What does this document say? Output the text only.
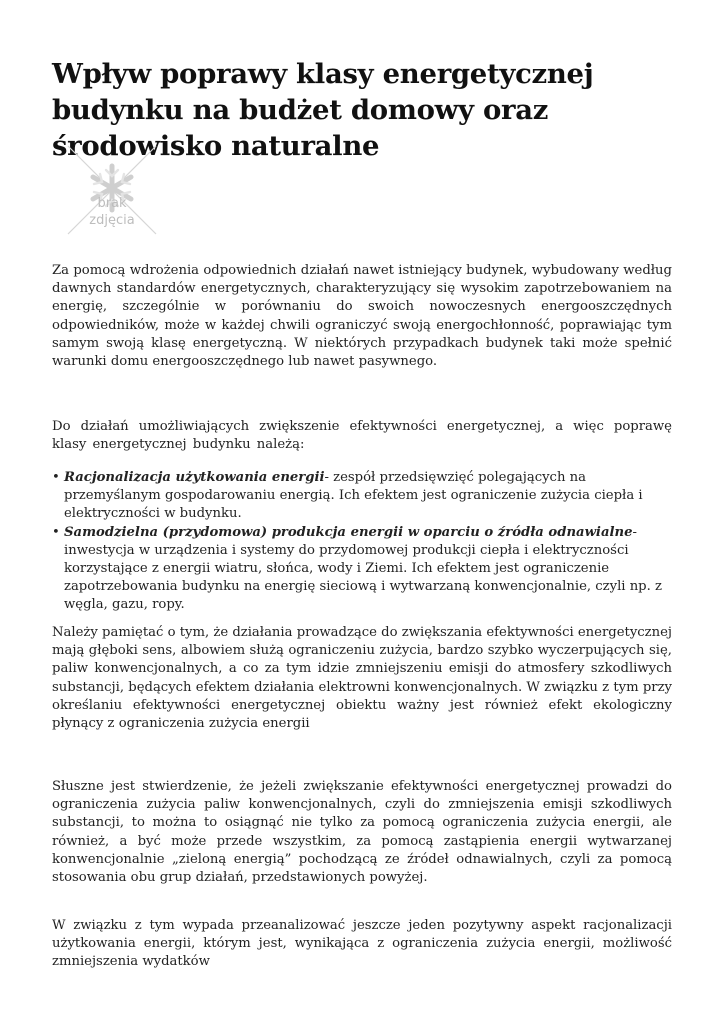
Wpływ poprawy klasy energetycznej budynku na budżet domowy oraz środowisko naturalne
brak
zdjęcia

Za pomocą wdrożenia odpowiednich działań nawet istniejący budynek, wybudowany według dawnych standardów energetycznych, charakteryzujący się wysokim zapotrzebowaniem na energię, szczególnie w porównaniu do swoich nowoczesnych energooszczędnych odpowiedników, może w każdej chwili ograniczyć swoją energochłonność, poprawiając tym samym swoją klasę energetyczną. W niektórych przypadkach budynek taki może spełnić warunki domu energooszczędnego lub nawet pasywnego.

Do działań umożliwiających zwiększenie efektywności energetycznej, a więc poprawę klasy energetycznej budynku należą:

• Racjonalizacja użytkowania energii- zespół przedsięwzięć polegających na przemyślanym gospodarowaniu energią. Ich efektem jest ograniczenie zużycia ciepła i elektryczności w budynku.
• Samodzielna (przydomowa) produkcja energii w oparciu o źródła odnawialne- inwestycja w urządzenia i systemy do przydomowej produkcji ciepła i elektryczności korzystające z energii wiatru, słońca, wody i Ziemi. Ich efektem jest ograniczenie zapotrzebowania budynku na energię sieciową i wytwarzaną konwencjonalnie, czyli np. z węgla, gazu, ropy.

Należy pamiętać o tym, że działania prowadzące do zwiększania efektywności energetycznej mają głęboki sens, albowiem służą ograniczeniu zużycia, bardzo szybko wyczerpujących się, paliw konwencjonalnych, a co za tym idzie zmniejszeniu emisji do atmosfery szkodliwych substancji, będących efektem działania elektrowni konwencjonalnych. W związku z tym przy określaniu efektywności energetycznej obiektu ważny jest również efekt ekologiczny płynący z ograniczenia zużycia energii

Słuszne jest stwierdzenie, że jeżeli zwiększanie efektywności energetycznej prowadzi do ograniczenia zużycia paliw konwencjonalnych, czyli do zmniejszenia emisji szkodliwych substancji, to można to osiągnąć nie tylko za pomocą ograniczenia zużycia energii, ale również, a być może przede wszystkim, za pomocą zastąpienia energii wytwarzanej konwencjonalnie „zieloną energią” pochodzącą ze źródeł odnawialnych, czyli za pomocą stosowania obu grup działań, przedstawionych powyżej.

W związku z tym wypada przeanalizować jeszcze jeden pozytywny aspekt racjonalizacji użytkowania energii, którym jest, wynikająca z ograniczenia zużycia energii, możliwość zmniejszenia wydatków
